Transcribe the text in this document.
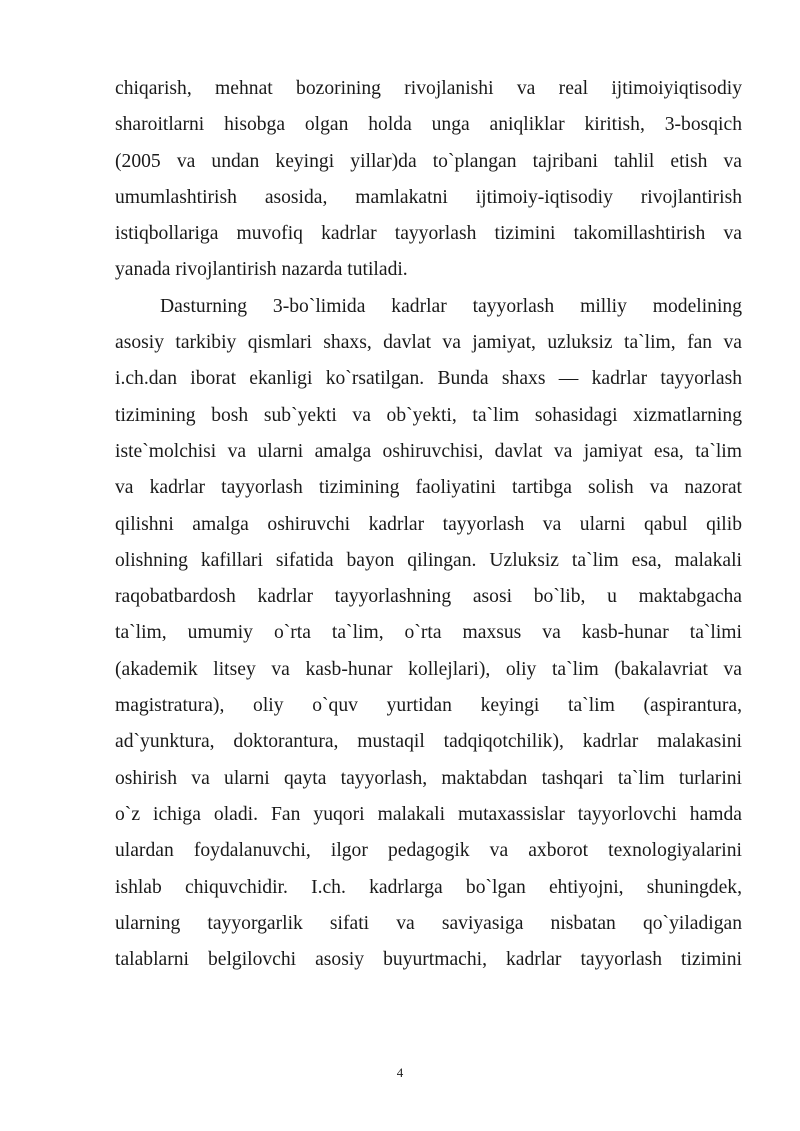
chiqarish, mehnat bozorining rivojlanishi va real ijtimoiyiqtisodiy
sharoitlarni hisobga olgan holda unga aniqliklar kiritish, 3-bosqich
(2005 va undan keyingi yillar)da to`plangan tajribani tahlil etish va
umumlashtirish asosida, mamlakatni ijtimoiy-iqtisodiy rivojlantirish
istiqbollariga muvofiq kadrlar tayyorlash tizimini takomillashtirish va
yanada rivojlantirish nazarda tutiladi.
Dasturning 3-bo`limida kadrlar tayyorlash milliy modelining
asosiy tarkibiy qismlari shaxs, davlat va jamiyat, uzluksiz ta`lim, fan va
i.ch.dan iborat ekanligi ko`rsatilgan. Bunda shaxs — kadrlar tayyorlash
tizimining bosh sub`yekti va ob`yekti, ta`lim sohasidagi xizmatlarning
iste`molchisi va ularni amalga oshiruvchisi, davlat va jamiyat esa, ta`lim
va kadrlar tayyorlash tizimining faoliyatini tartibga solish va nazorat
qilishni amalga oshiruvchi kadrlar tayyorlash va ularni qabul qilib
olishning kafillari sifatida bayon qilingan. Uzluksiz ta`lim esa, malakali
raqobatbardosh kadrlar tayyorlashning asosi bo`lib, u maktabgacha
ta`lim, umumiy o`rta ta`lim, o`rta maxsus va kasb-hunar ta`limi
(akademik litsey va kasb-hunar kollejlari), oliy ta`lim (bakalavriat va
magistratura), oliy o`quv yurtidan keyingi ta`lim (aspirantura,
ad`yunktura, doktorantura, mustaqil tadqiqotchilik), kadrlar malakasini
oshirish va ularni qayta tayyorlash, maktabdan tashqari ta`lim turlarini
o`z ichiga oladi. Fan yuqori malakali mutaxassislar tayyorlovchi hamda
ulardan foydalanuvchi, ilgor pedagogik va axborot texnologiyalarini
ishlab chiquvchidir. I.ch. kadrlarga bo`lgan ehtiyojni, shuningdek,
ularning tayyorgarlik sifati va saviyasiga nisbatan qo`yiladigan
talablarni belgilovchi asosiy buyurtmachi, kadrlar tayyorlash tizimini
4
